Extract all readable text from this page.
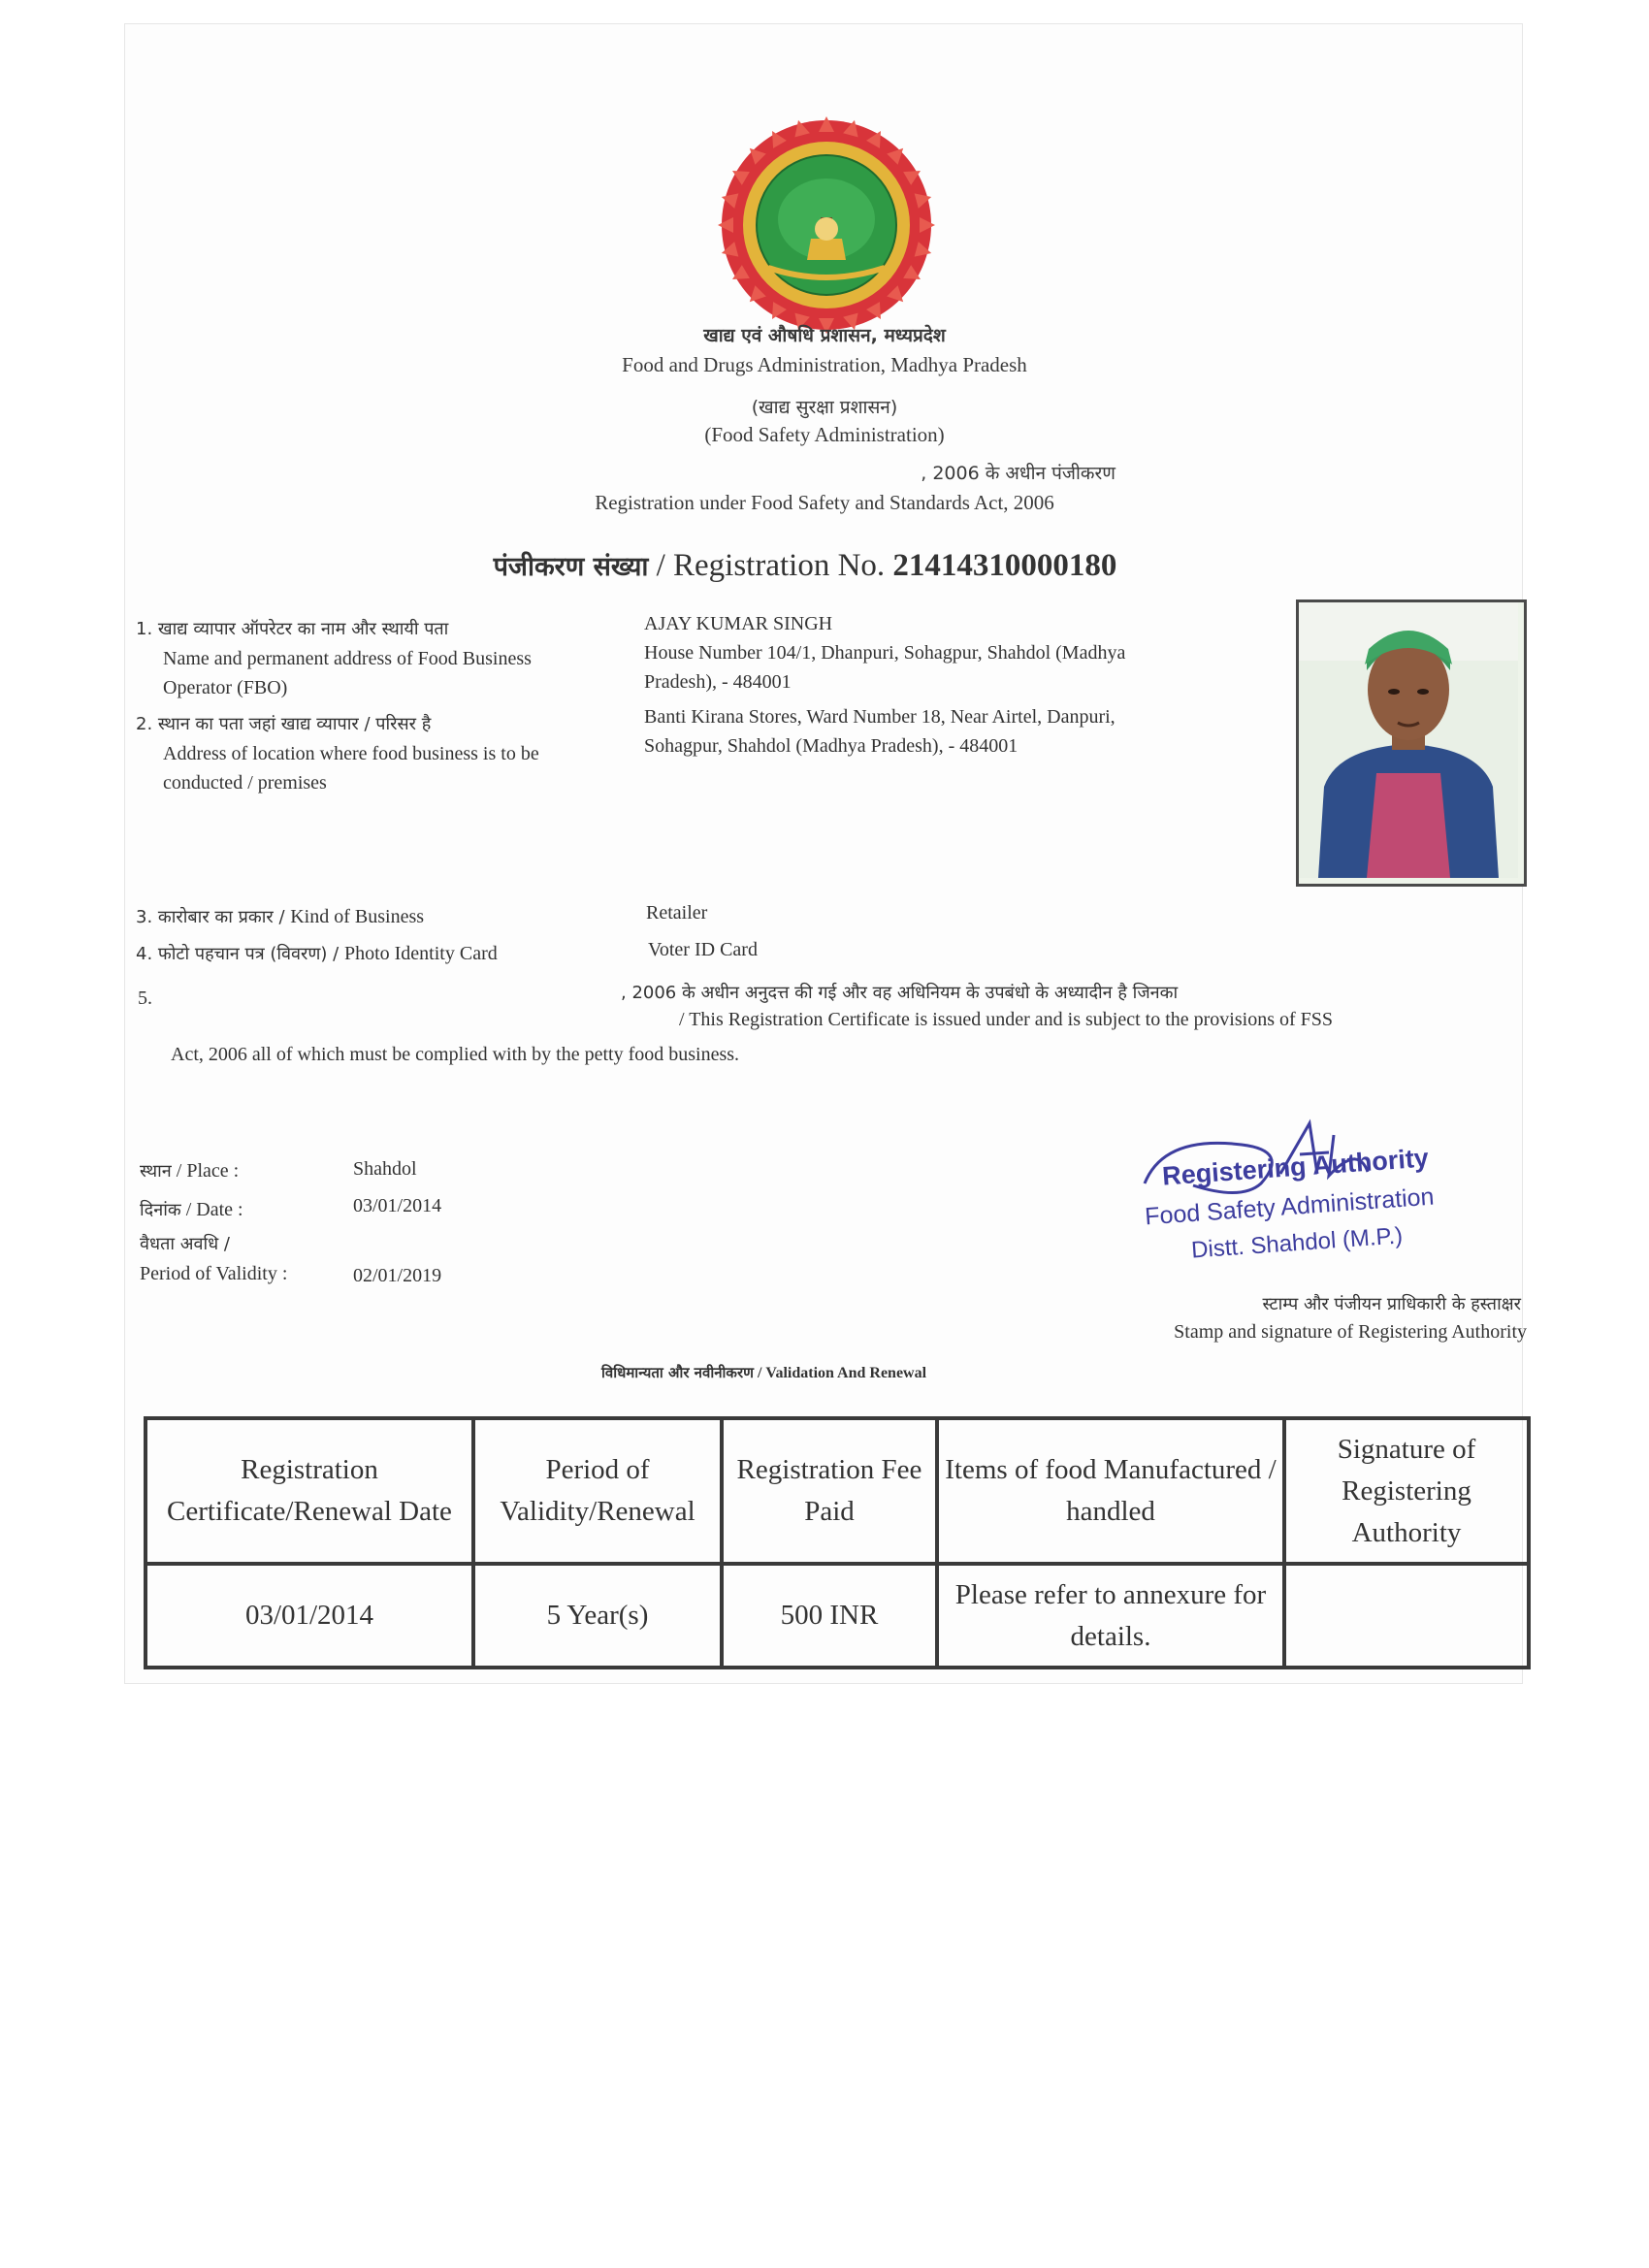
खाद्य एवं औषधि प्रशासन, मध्यप्रदेश
Food and Drugs Administration, Madhya Pradesh
(खाद्य सुरक्षा प्रशासन)
(Food Safety Administration)
, 2006 के अधीन पंजीकरण
Registration under Food Safety and Standards Act, 2006
पंजीकरण संख्या / Registration No. 21414310000180
1. खाद्य व्यापार ऑपरेटर का नाम और स्थायी पता
Name and permanent address of Food Business
Operator (FBO)
AJAY KUMAR SINGH
House Number 104/1, Dhanpuri, Sohagpur, Shahdol (Madhya
Pradesh), - 484001
2. स्थान का पता जहां खाद्य व्यापार / परिसर है
Address of location where food business is to be
conducted / premises
Banti Kirana Stores, Ward Number 18, Near Airtel, Danpuri,
Sohagpur, Shahdol (Madhya Pradesh), - 484001
3. कारोबार का प्रकार / Kind of Business	Retailer
4. फोटो पहचान पत्र (विवरण) / Photo Identity Card	Voter ID Card
5.	, 2006 के अधीन अनुदत्त की गई और वह अधिनियम के उपबंधो के अध्यादीन है जिनका
/ This Registration Certificate is issued under and is subject to the provisions of FSS
Act, 2006 all of which must be complied with by the petty food business.
स्थान / Place :	Shahdol
दिनांक / Date :	03/01/2014
वैधता अवधि /
Period of Validity :	02/01/2019
Registering Authority
Food Safety Administration
Distt. Shahdol (M.P.)
स्टाम्प और पंजीयन प्राधिकारी के हस्ताक्षर
Stamp and signature of Registering Authority
विधिमान्यता और नवीनीकरण / Validation And Renewal
Registration Certificate/Renewal Date	Period of Validity/Renewal	Registration Fee Paid	Items of food Manufactured / handled	Signature of Registering Authority
03/01/2014	5 Year(s)	500 INR	Please refer to annexure for details.	
